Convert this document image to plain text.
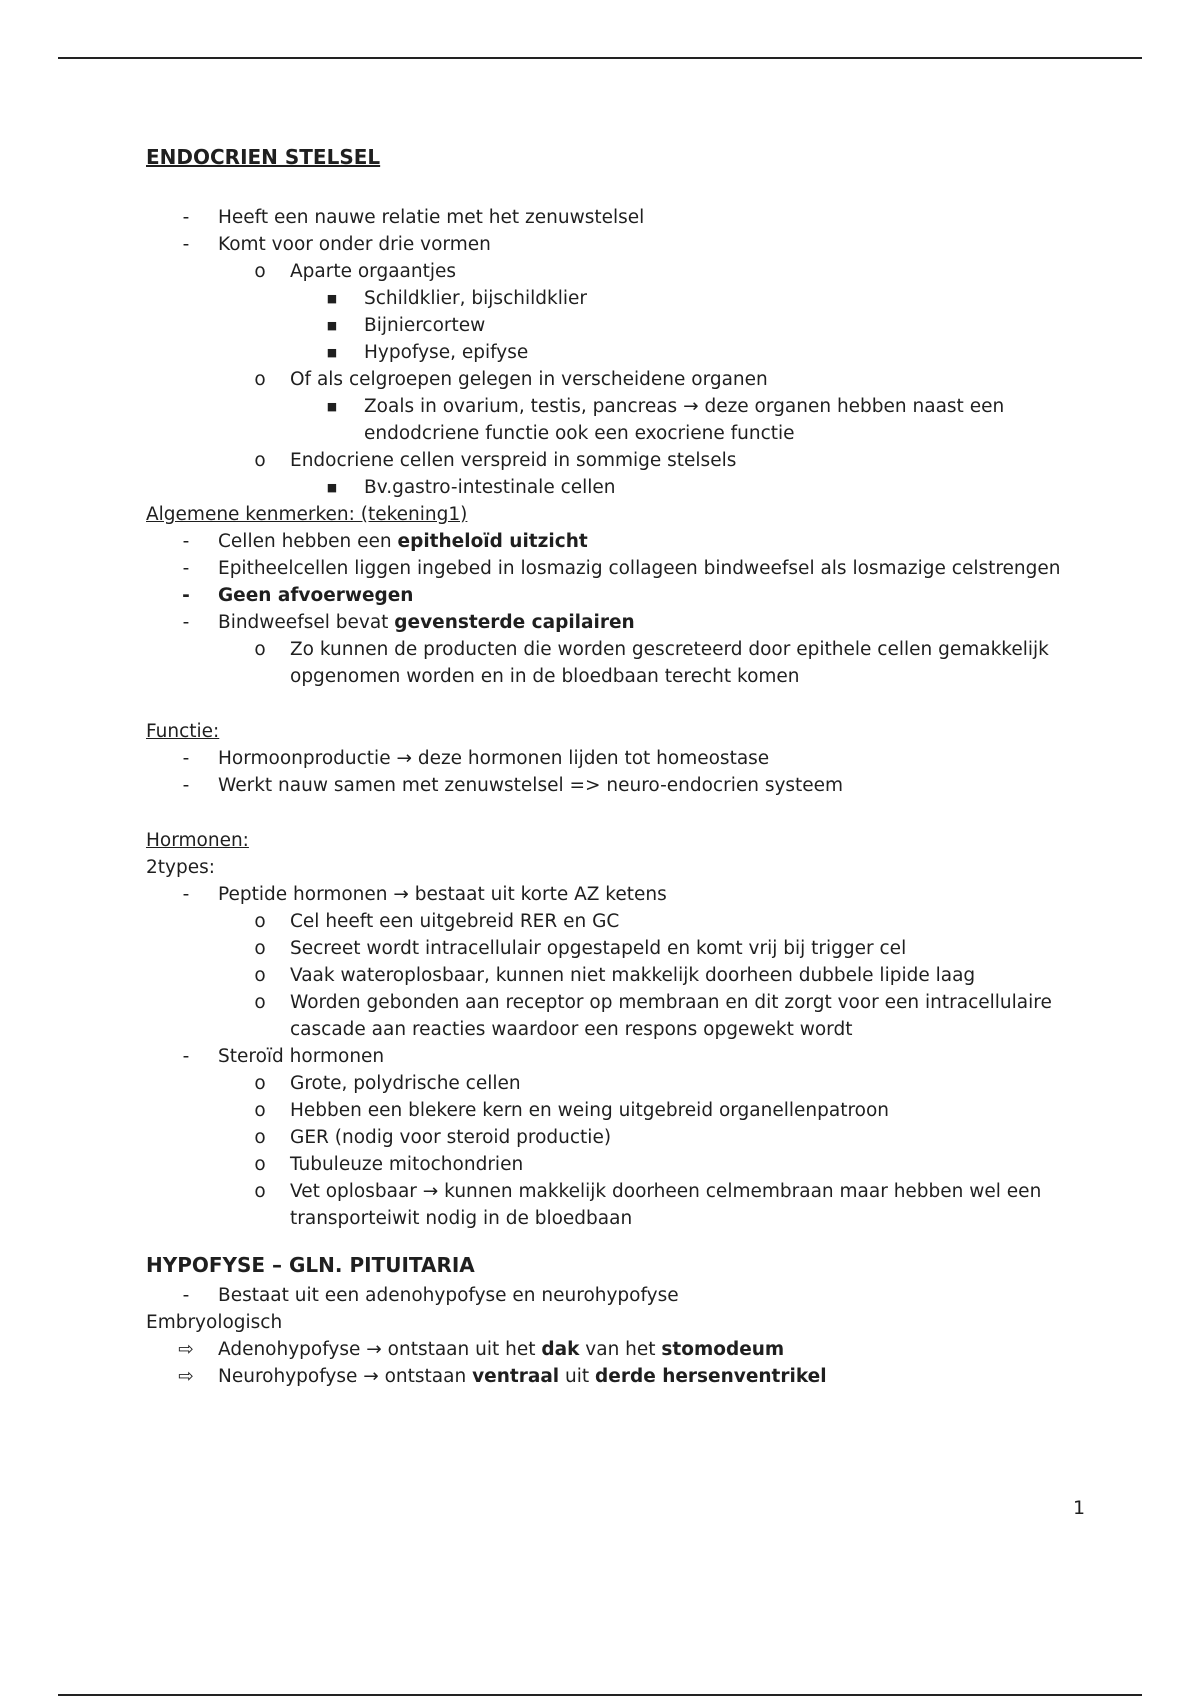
ENDOCRIEN STELSEL
- Heeft een nauwe relatie met het zenuwstelsel
- Komt voor onder drie vormen
o Aparte orgaantjes
■ Schildklier, bijschildklier
■ Bijniercortew
■ Hypofyse, epifyse
o Of als celgroepen gelegen in verscheidene organen
■ Zoals in ovarium, testis, pancreas → deze organen hebben naast een endodcriene functie ook een exocriene functie
o Endocriene cellen verspreid in sommige stelsels
■ Bv.gastro-intestinale cellen
Algemene kenmerken: (tekening1)
- Cellen hebben een epitheloïd uitzicht
- Epitheelcellen liggen ingebed in losmazig collageen bindweefsel als losmazige celstrengen
- Geen afvoerwegen
- Bindweefsel bevat gevensterde capilairen
o Zo kunnen de producten die worden gescreteerd door epithele cellen gemakkelijk opgenomen worden en in de bloedbaan terecht komen
Functie:
- Hormoonproductie → deze hormonen lijden tot homeostase
- Werkt nauw samen met zenuwstelsel => neuro-endocrien systeem
Hormonen:
2types:
- Peptide hormonen → bestaat uit korte AZ ketens
o Cel heeft een uitgebreid RER en GC
o Secreet wordt intracellulair opgestapeld en komt vrij bij trigger cel
o Vaak wateroplosbaar, kunnen niet makkelijk doorheen dubbele lipide laag
o Worden gebonden aan receptor op membraan en dit zorgt voor een intracellulaire cascade aan reacties waardoor een respons opgewekt wordt
- Steroïd hormonen
o Grote, polydrische cellen
o Hebben een blekere kern en weing uitgebreid organellenpatroon
o GER (nodig voor steroid productie)
o Tubuleuze mitochondrien
o Vet oplosbaar → kunnen makkelijk doorheen celmembraan maar hebben wel een transporteiwit nodig in de bloedbaan
HYPOFYSE – GLN. PITUITARIA
- Bestaat uit een adenohypofyse en neurohypofyse
Embryologisch
⇨ Adenohypofyse → ontstaan uit het dak van het stomodeum
⇨ Neurohypofyse → ontstaan ventraal uit derde hersenventrikel
1
